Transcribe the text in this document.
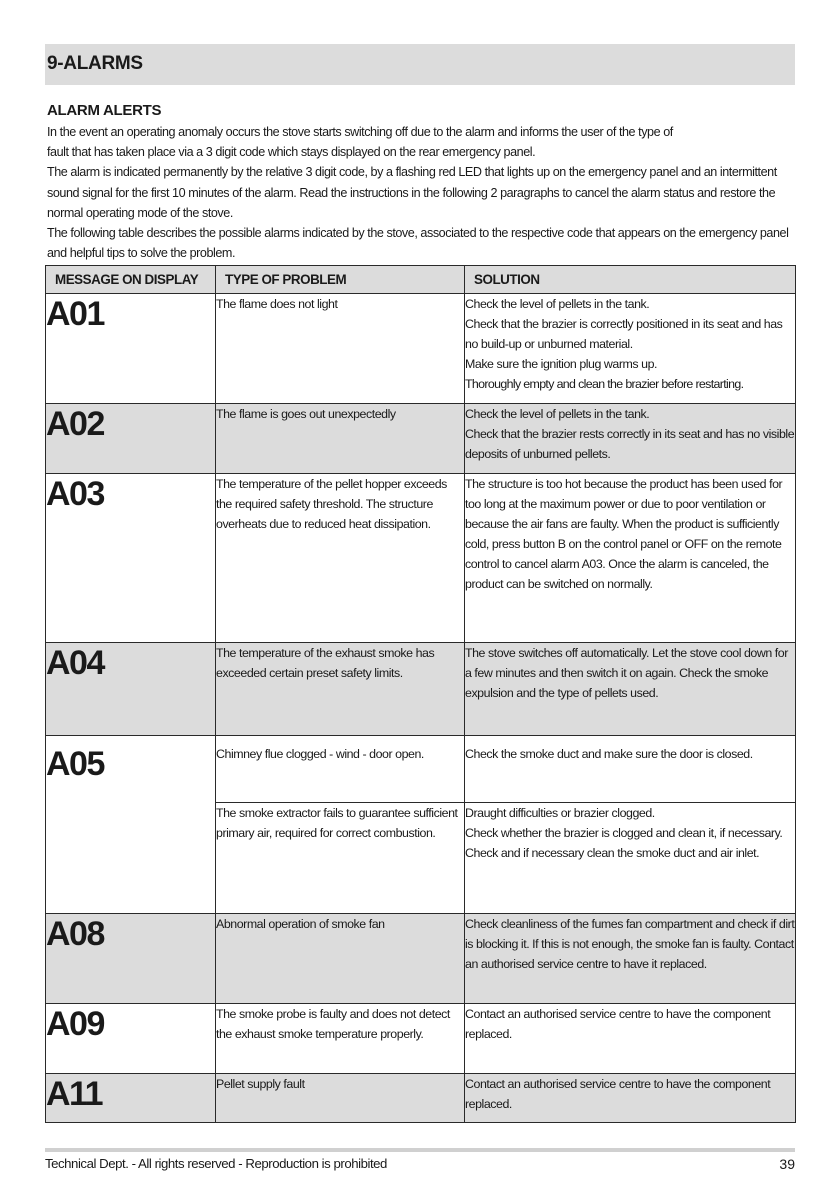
9-ALARMS
ALARM ALERTS

In the event an operating anomaly occurs the stove starts switching off due to the alarm and informs the user of the type of

fault that has taken place via a 3 digit code which stays displayed on the rear emergency panel.

The alarm is indicated permanently by the relative 3 digit code, by a flashing red LED that lights up on the emergency panel and an intermittent sound signal for the first 10 minutes of the alarm. Read the instructions in the following 2 paragraphs to cancel the alarm status and restore the normal operating mode of the stove.

The following table describes the possible alarms indicated by the stove, associated to the respective code that appears on the emergency panel and helpful tips to solve the problem.

MESSAGE ON DISPLAY	TYPE OF PROBLEM	SOLUTION
A01	The flame does not light	Check the level of pellets in the tank.
Check that the brazier is correctly positioned in its seat and has no build-up or unburned material.
Make sure the ignition plug warms up.
Thoroughly empty and clean the brazier before restarting.

A02	The flame is goes out unexpectedly	Check the level of pellets in the tank.
Check that the brazier rests correctly in its seat and has no visible deposits of unburned pellets.

A03	The temperature of the pellet hopper exceeds the required safety threshold. The structure overheats due to reduced heat dissipation.	The structure is too hot because the product has been used for too long at the maximum power or due to poor ventilation or because the air fans are faulty. When the product is sufficiently cold, press button B on the control panel or OFF on the remote control to cancel alarm A03. Once the alarm is canceled, the product can be switched on normally.

A04	The temperature of the exhaust smoke has exceeded certain preset safety limits.	The stove switches off automatically. Let the stove cool down for a few minutes and then switch it on again. Check the smoke expulsion and the type of pellets used.

A05	Chimney flue clogged - wind - door open.	Check the smoke duct and make sure the door is closed.

	The smoke extractor fails to guarantee sufficient primary air, required for correct combustion.	Draught difficulties or brazier clogged.
Check whether the brazier is clogged and clean it, if necessary.
Check and if necessary clean the smoke duct and air inlet.

A08	Abnormal operation of smoke fan	Check cleanliness of the fumes fan compartment and check if dirt is blocking it. If this is not enough, the smoke fan is faulty. Contact an authorised service centre to have it replaced.

A09	The smoke probe is faulty and does not detect the exhaust smoke temperature properly.	Contact an authorised service centre to have the component replaced.

A11	Pellet supply fault	Contact an authorised service centre to have the component replaced.
Technical Dept. - All rights reserved - Reproduction is prohibited	39
